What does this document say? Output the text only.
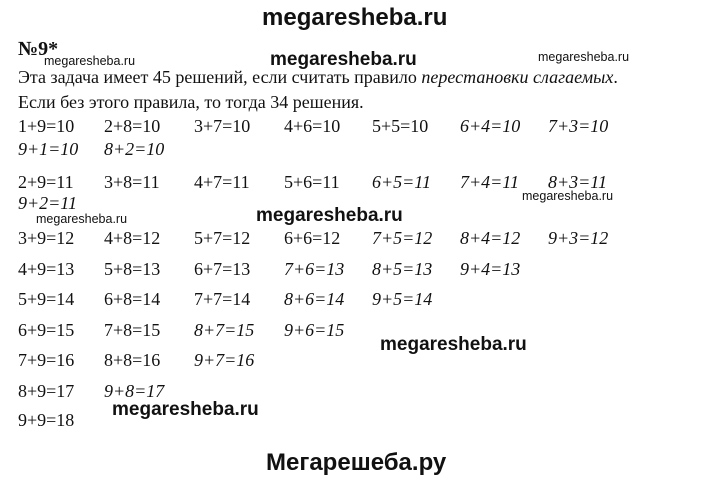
megaresheba.ru
№9*
megaresheba.ru	megaresheba.ru	megaresheba.ru
Эта задача имеет 45 решений, если считать правило перестановки слагаемых.
Если без этого правила, то тогда 34 решения.
1+9=10 2+8=10 3+7=10 4+6=10 5+5=10 6+4=10 7+3=10
9+1=10 8+2=10
2+9=11 3+8=11 4+7=11 5+6=11 6+5=11 7+4=11 8+3=11
9+2=11	megaresheba.ru
megaresheba.ru	megaresheba.ru
3+9=12 4+8=12 5+7=12 6+6=12 7+5=12 8+4=12 9+3=12
4+9=13 5+8=13 6+7=13 7+6=13 8+5=13 9+4=13
5+9=14 6+8=14 7+7=14 8+6=14 9+5=14
6+9=15 7+8=15 8+7=15 9+6=15
megaresheba.ru
7+9=16 8+8=16 9+7=16
8+9=17 9+8=17
megaresheba.ru
9+9=18
Мегарешеба.ру
